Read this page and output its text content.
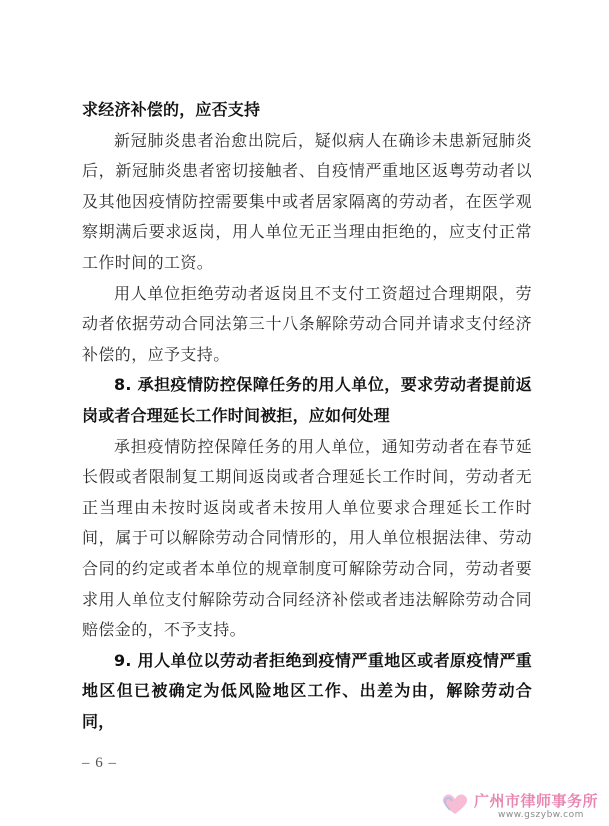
求经济补偿的，应否支持

新冠肺炎患者治愈出院后，疑似病人在确诊未患新冠肺炎后，新冠肺炎患者密切接触者、自疫情严重地区返粤劳动者以及其他因疫情防控需要集中或者居家隔离的劳动者，在医学观察期满后要求返岗，用人单位无正当理由拒绝的，应支付正常工作时间的工资。

用人单位拒绝劳动者返岗且不支付工资超过合理期限，劳动者依据劳动合同法第三十八条解除劳动合同并请求支付经济补偿的，应予支持。

8. 承担疫情防控保障任务的用人单位，要求劳动者提前返岗或者合理延长工作时间被拒，应如何处理

承担疫情防控保障任务的用人单位，通知劳动者在春节延长假或者限制复工期间返岗或者合理延长工作时间，劳动者无正当理由未按时返岗或者未按用人单位要求合理延长工作时间，属于可以解除劳动合同情形的，用人单位根据法律、劳动合同的约定或者本单位的规章制度可解除劳动合同，劳动者要求用人单位支付解除劳动合同经济补偿或者违法解除劳动合同赔偿金的，不予支持。

9. 用人单位以劳动者拒绝到疫情严重地区或者原疫情严重地区但已被确定为低风险地区工作、出差为由，解除劳动合同，

– 6 –
广州市律师事务所
www.gszybw.com
